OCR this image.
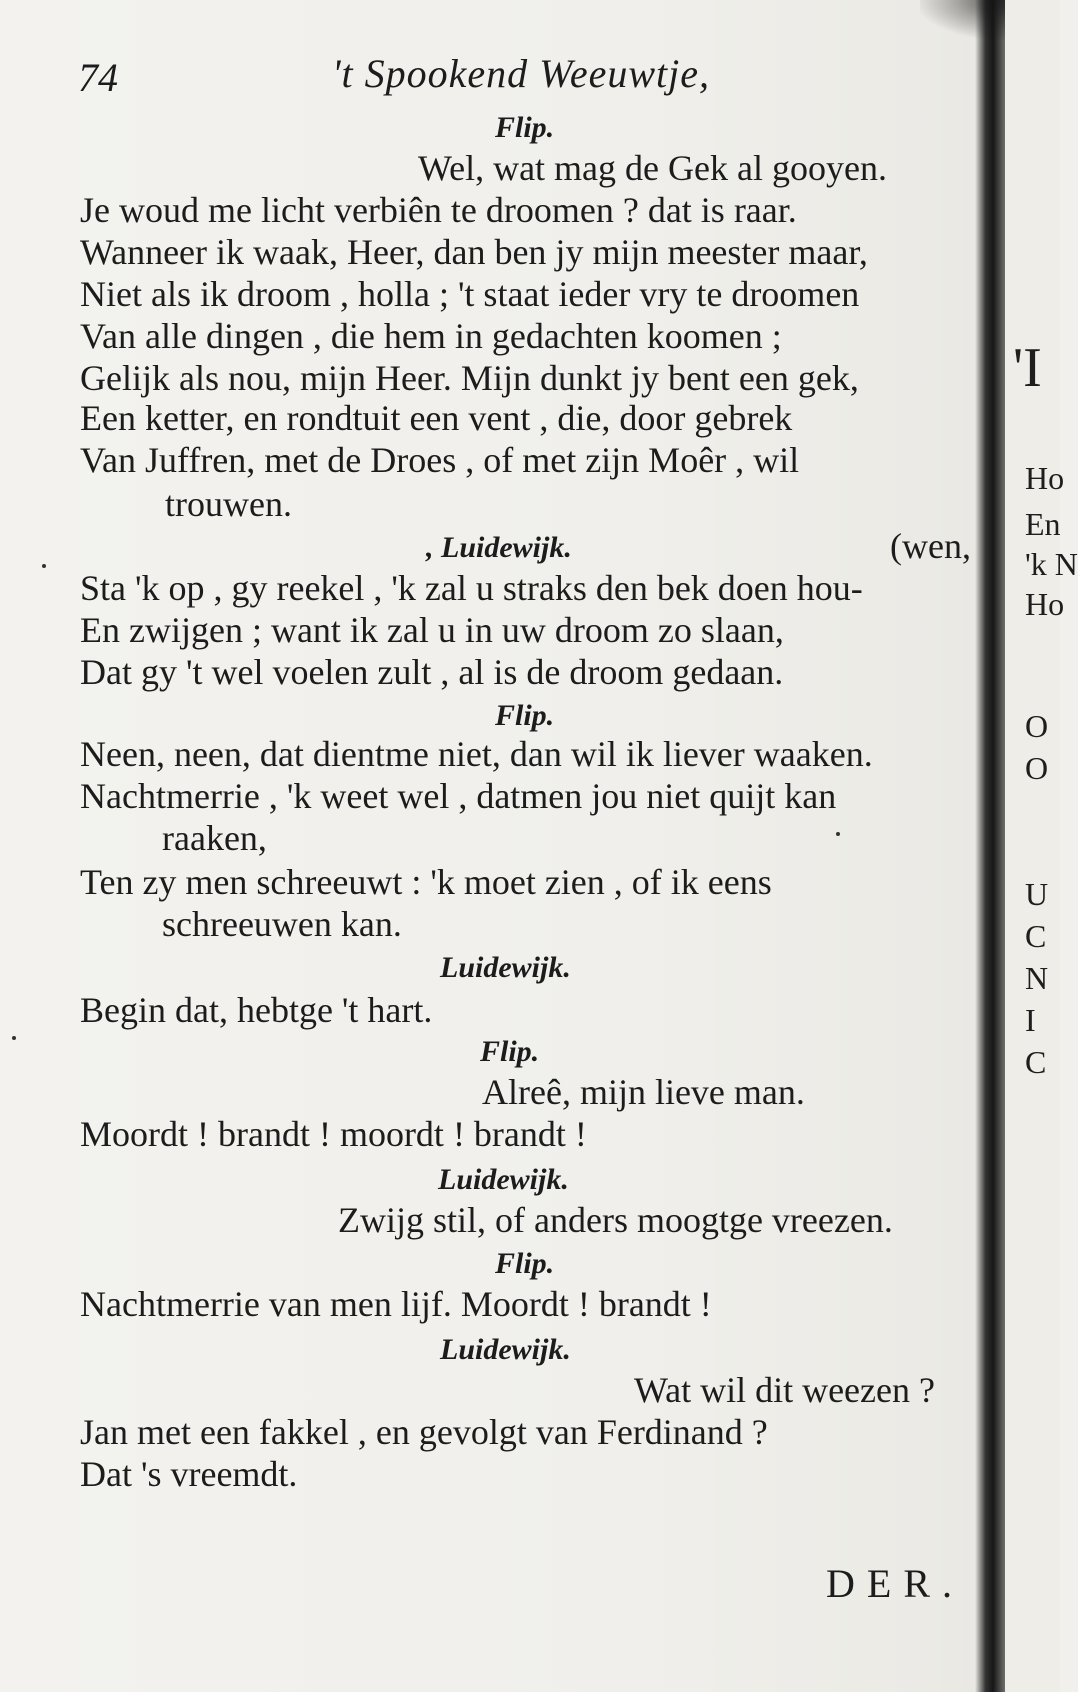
74	't Spookend Weeuwtje,
Flip.
Wel, wat mag de Gek al gooyen.
Je woud me licht verbiên te droomen ? dat is raar.
Wanneer ik waak, Heer, dan ben jy mijn meester maar,
Niet als ik droom , holla ; 't staat ieder vry te droomen
Van alle dingen , die hem in gedachten koomen ;
Gelijk als nou, mijn Heer. Mijn dunkt jy bent een gek,
Een ketter, en rondtuit een vent , die, door gebrek
Van Juffren, met de Droes , of met zijn Moêr , wil
trouwen.
, Luidewijk.	(wen,
Sta 'k op , gy reekel , 'k zal u straks den bek doen hou-
En zwijgen ; want ik zal u in uw droom zo slaan,
Dat gy 't wel voelen zult , al is de droom gedaan.
Flip.
Neen, neen, dat dientme niet, dan wil ik liever waaken.
Nachtmerrie , 'k weet wel , datmen jou niet quijt kan
raaken,
Ten zy men schreeuwt : 'k moet zien , of ik eens
schreeuwen kan.
Luidewijk.
Begin dat, hebtge 't hart.
Flip.
Alreê, mijn lieve man.
Moordt ! brandt ! moordt ! brandt !
Luidewijk.
Zwijg stil, of anders moogtge vreezen.
Flip.
Nachtmerrie van men lijf. Moordt ! brandt !
Luidewijk.
Wat wil dit weezen ?
Jan met een fakkel , en gevolgt van Ferdinand ?
Dat 's vreemdt.
DER.
'I
Ho
En
'k N
Ho
O
O
U
C
N
I
C
